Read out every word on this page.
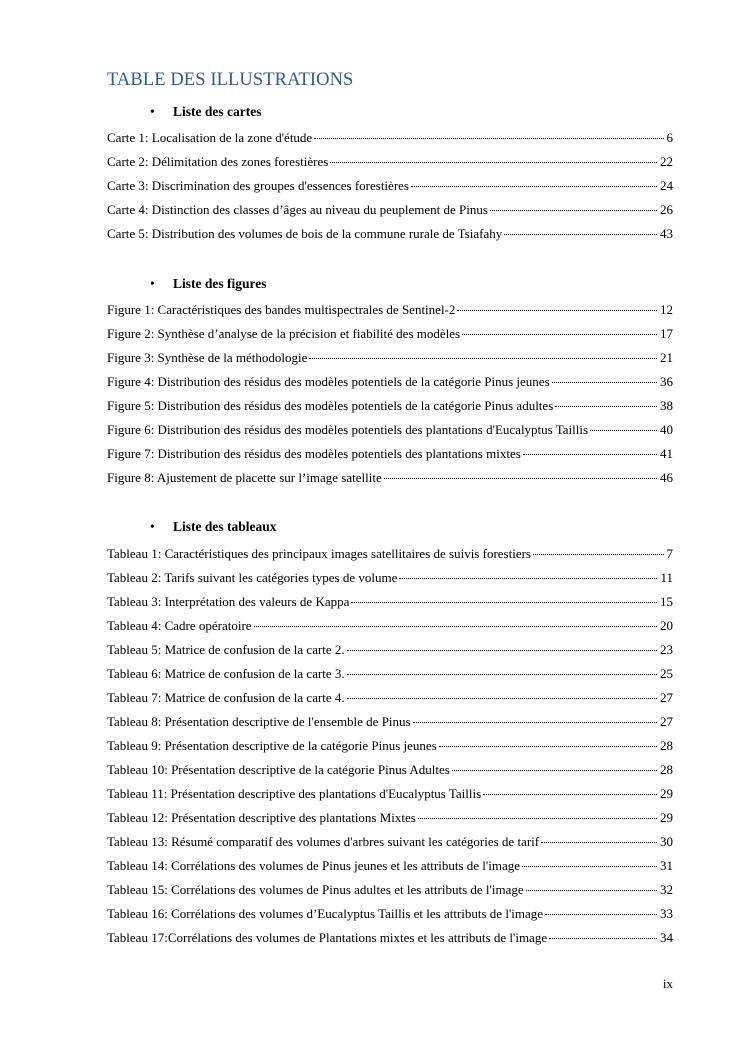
TABLE DES ILLUSTRATIONS
• Liste des cartes
Carte 1: Localisation de la zone d'étude	6
Carte 2: Délimitation des zones forestières	22
Carte 3: Discrimination des groupes d'essences forestières	24
Carte 4: Distinction des classes d’âges au niveau du peuplement de Pinus	26
Carte 5: Distribution des volumes de bois de la commune rurale de Tsiafahy	43
• Liste des figures
Figure 1: Caractéristiques des bandes multispectrales de Sentinel-2	12
Figure 2: Synthèse d’analyse de la précision et fiabilité des modèles	17
Figure 3: Synthèse de la méthodologie	21
Figure 4: Distribution des résidus des modèles potentiels de la catégorie Pinus jeunes	36
Figure 5: Distribution des résidus des modèles potentiels de la catégorie Pinus adultes	38
Figure 6: Distribution des résidus des modèles potentiels des plantations d'Eucalyptus Taillis	40
Figure 7: Distribution des résidus des modèles potentiels des plantations mixtes	41
Figure 8: Ajustement de placette sur l’image satellite	46
• Liste des tableaux
Tableau 1: Caractéristiques des principaux images satellitaires de suivis forestiers	7
Tableau 2: Tarifs suivant les catégories types de volume	11
Tableau 3: Interprétation des valeurs de Kappa	15
Tableau 4: Cadre opératoire	20
Tableau 5: Matrice de confusion de la carte 2.	23
Tableau 6: Matrice de confusion de la carte 3.	25
Tableau 7: Matrice de confusion de la carte 4.	27
Tableau 8: Présentation descriptive de l'ensemble de Pinus	27
Tableau 9: Présentation descriptive de la catégorie Pinus jeunes	28
Tableau 10: Présentation descriptive de la catégorie Pinus Adultes	28
Tableau 11: Présentation descriptive des plantations d'Eucalyptus Taillis	29
Tableau 12: Présentation descriptive des plantations Mixtes	29
Tableau 13: Résumé comparatif des volumes d'arbres suivant les catégories de tarif	30
Tableau 14: Corrélations des volumes de Pinus jeunes et les attributs de l'image	31
Tableau 15: Corrélations des volumes de Pinus adultes et les attributs de l'image	32
Tableau 16: Corrélations des volumes d’Eucalyptus Taillis et les attributs de l'image	33
Tableau 17:Corrélations des volumes de Plantations mixtes et les attributs de l'image	34
ix
